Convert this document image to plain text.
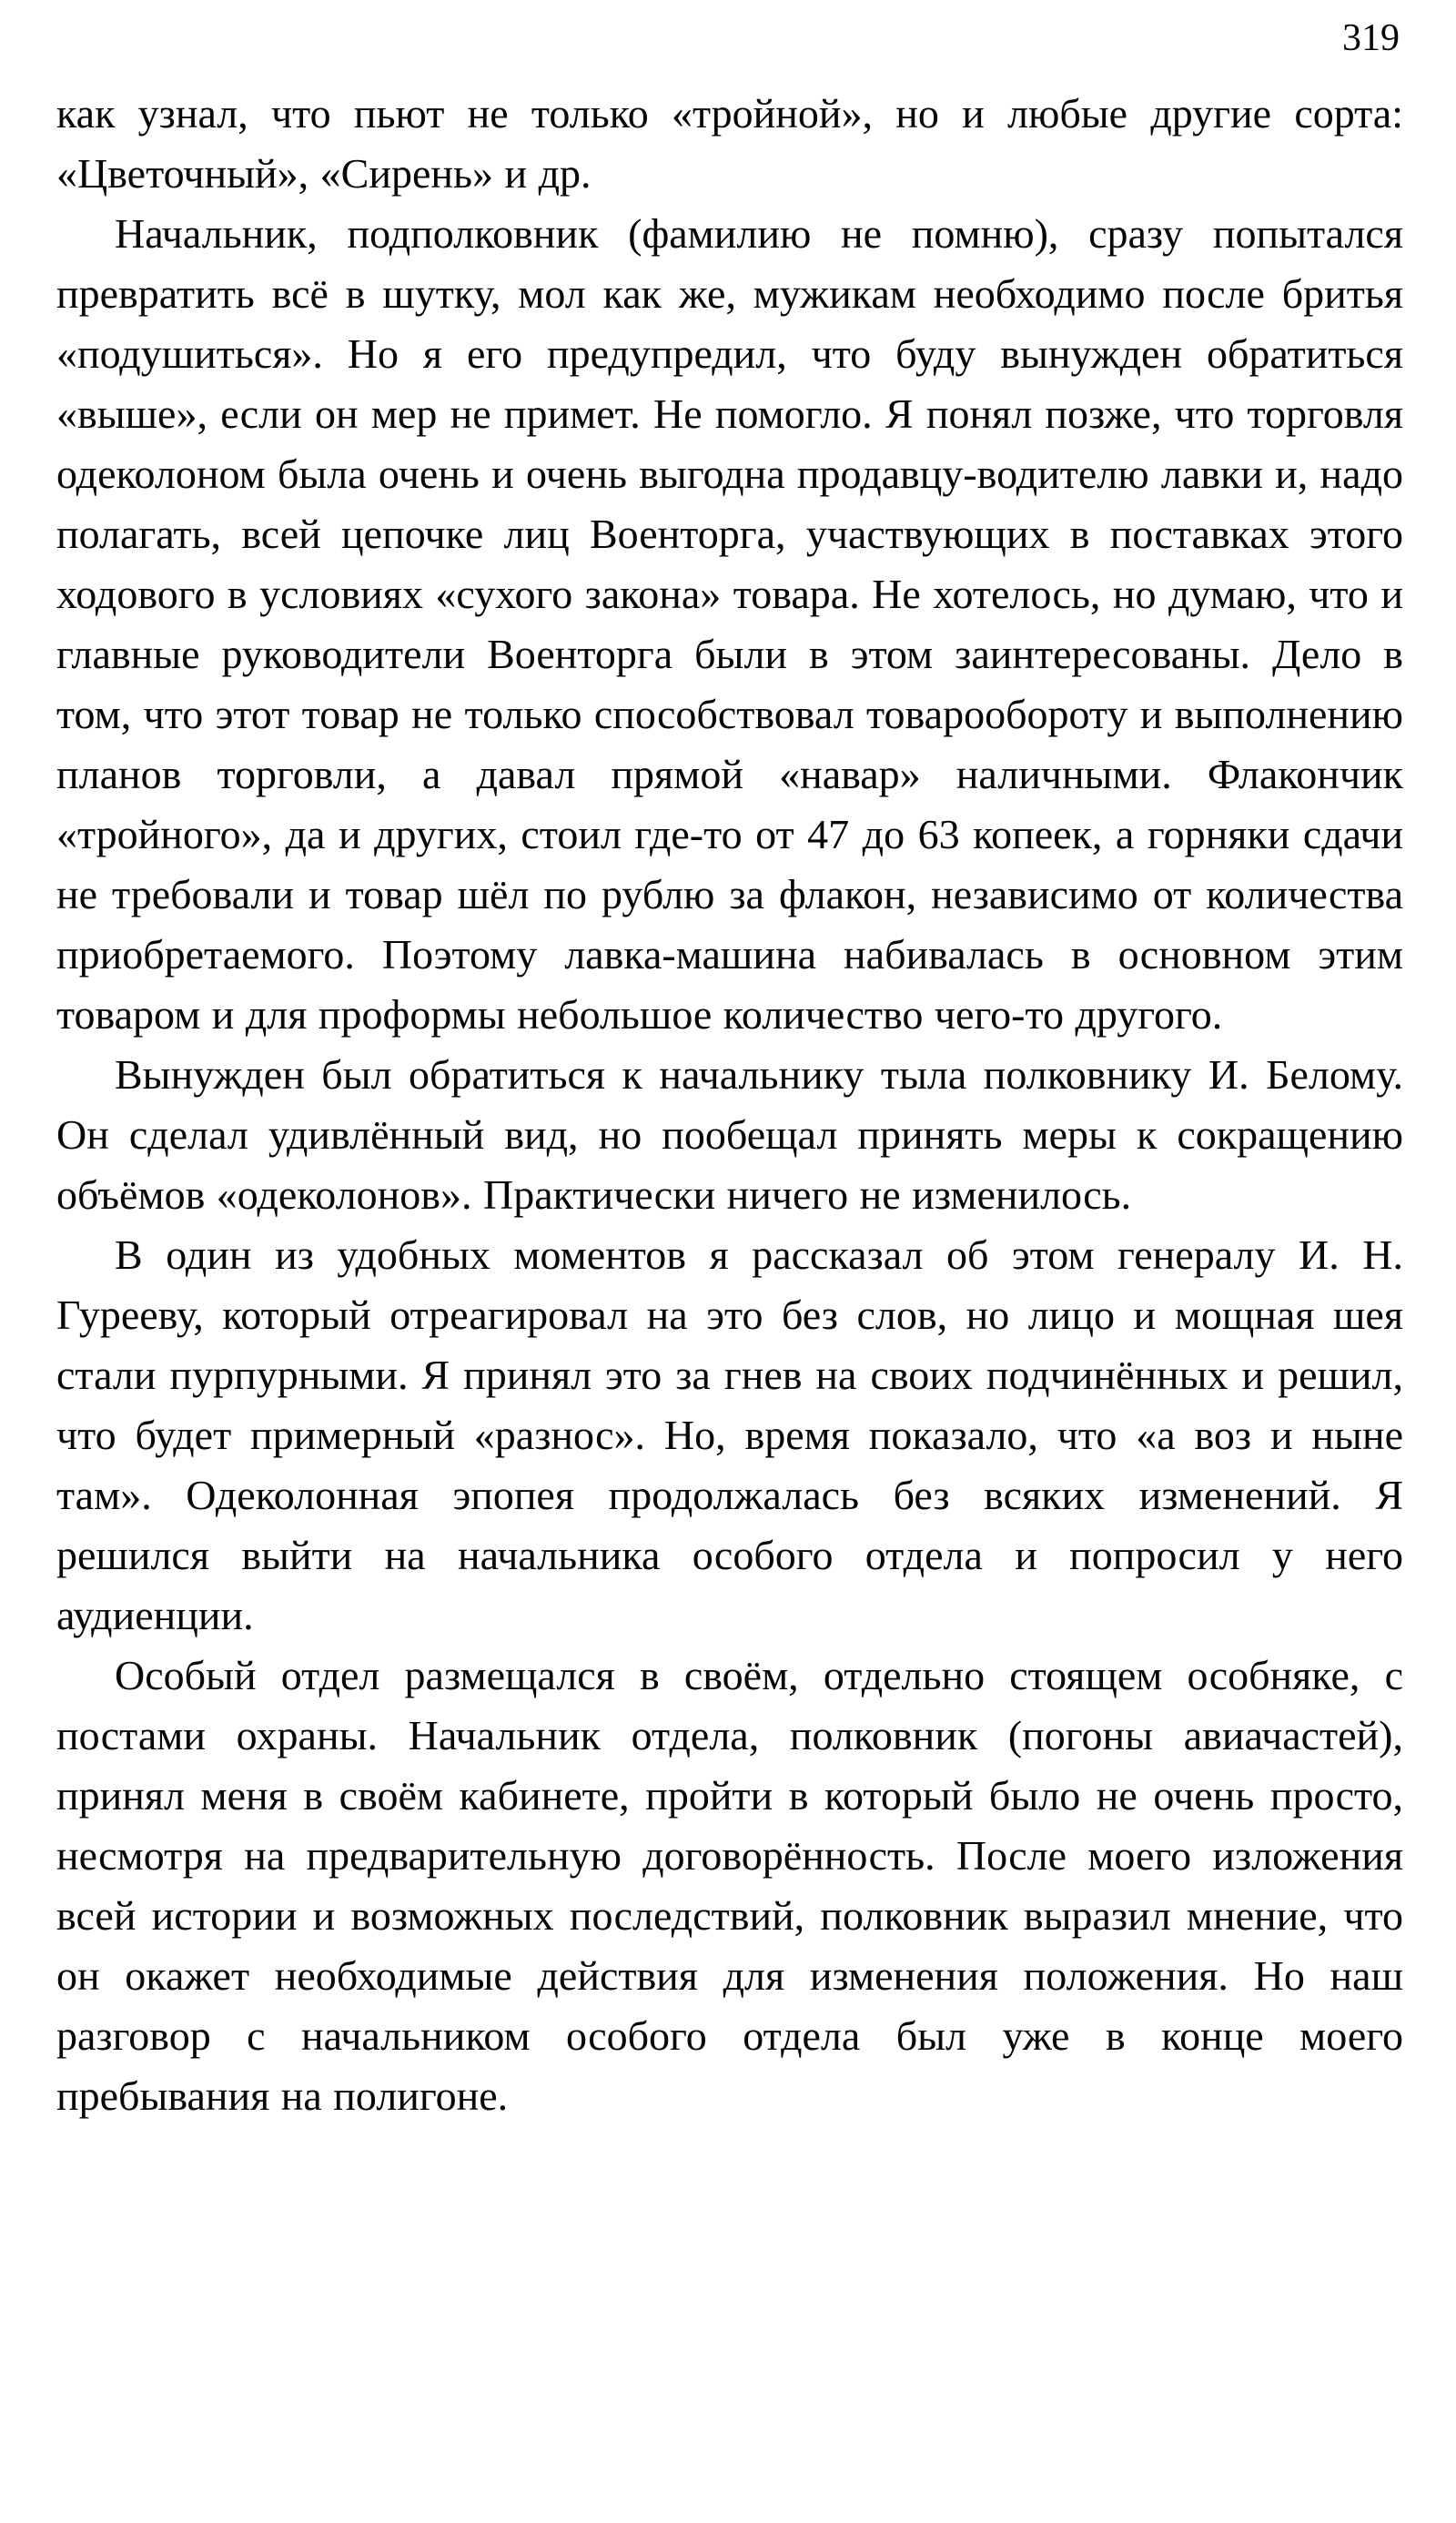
319

как узнал, что пьют не только «тройной», но и любые другие сорта: «Цветочный», «Сирень» и др.

Начальник, подполковник (фамилию не помню), сразу попытался превратить всё в шутку, мол как же, мужикам необходимо после бритья «подушиться». Но я его предупредил, что буду вынужден обратиться «выше», если он мер не примет. Не помогло. Я понял позже, что торговля одеколоном была очень и очень выгодна продавцу-водителю лавки и, надо полагать, всей цепочке лиц Военторга, участвующих в поставках этого ходового в условиях «сухого закона» товара. Не хотелось, но думаю, что и главные руководители Военторга были в этом заинтересованы. Дело в том, что этот товар не только способствовал товарообороту и выполнению планов торговли, а давал прямой «навар» наличными. Флакончик «тройного», да и других, стоил где-то от 47 до 63 копеек, а горняки сдачи не требовали и товар шёл по рублю за флакон, независимо от количества приобретаемого. Поэтому лавка-машина набивалась в основном этим товаром и для проформы небольшое количество чего-то другого.

Вынужден был обратиться к начальнику тыла полковнику И. Белому. Он сделал удивлённый вид, но пообещал принять меры к сокращению объёмов «одеколонов». Практически ничего не изменилось.

В один из удобных моментов я рассказал об этом генералу И. Н. Гурееву, который отреагировал на это без слов, но лицо и мощная шея стали пурпурными. Я принял это за гнев на своих подчинённых и решил, что будет примерный «разнос». Но, время показало, что «а воз и ныне там». Одеколонная эпопея продолжалась без всяких изменений. Я решился выйти на начальника особого отдела и попросил у него аудиенции.

Особый отдел размещался в своём, отдельно стоящем особняке, с постами охраны. Начальник отдела, полковник (погоны авиачастей), принял меня в своём кабинете, пройти в который было не очень просто, несмотря на предварительную договорённость. После моего изложения всей истории и возможных последствий, полковник выразил мнение, что он окажет необходимые действия для изменения положения. Но наш разговор с начальником особого отдела был уже в конце моего пребывания на полигоне.
